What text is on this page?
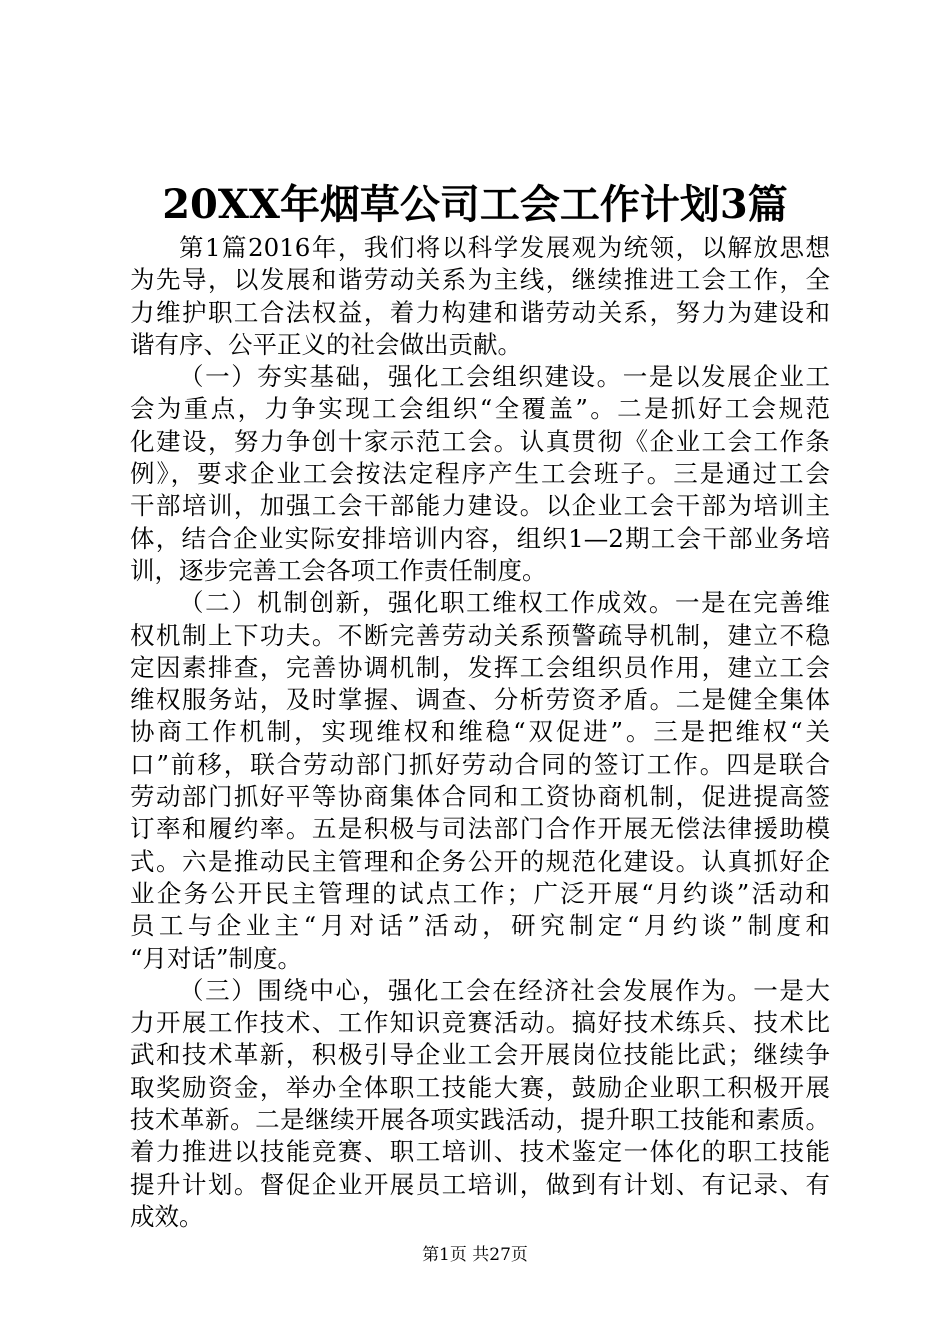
20XX年烟草公司工会工作计划3篇
第1篇2016年，我们将以科学发展观为统领，以解放思想
为先导，以发展和谐劳动关系为主线，继续推进工会工作，全
力维护职工合法权益，着力构建和谐劳动关系，努力为建设和
谐有序、公平正义的社会做出贡献。
（一）夯实基础，强化工会组织建设。一是以发展企业工
会为重点，力争实现工会组织“全覆盖”。二是抓好工会规范
化建设，努力争创十家示范工会。认真贯彻《企业工会工作条
例》，要求企业工会按法定程序产生工会班子。三是通过工会
干部培训，加强工会干部能力建设。以企业工会干部为培训主
体，结合企业实际安排培训内容，组织1—2期工会干部业务培
训，逐步完善工会各项工作责任制度。
（二）机制创新，强化职工维权工作成效。一是在完善维
权机制上下功夫。不断完善劳动关系预警疏导机制，建立不稳
定因素排查，完善协调机制，发挥工会组织员作用，建立工会
维权服务站，及时掌握、调查、分析劳资矛盾。二是健全集体
协商工作机制，实现维权和维稳“双促进”。三是把维权“关
口”前移，联合劳动部门抓好劳动合同的签订工作。四是联合
劳动部门抓好平等协商集体合同和工资协商机制，促进提高签
订率和履约率。五是积极与司法部门合作开展无偿法律援助模
式。六是推动民主管理和企务公开的规范化建设。认真抓好企
业企务公开民主管理的试点工作；广泛开展“月约谈”活动和
员工与企业主“月对话”活动，研究制定“月约谈”制度和
“月对话”制度。
（三）围绕中心，强化工会在经济社会发展作为。一是大
力开展工作技术、工作知识竞赛活动。搞好技术练兵、技术比
武和技术革新，积极引导企业工会开展岗位技能比武；继续争
取奖励资金，举办全体职工技能大赛，鼓励企业职工积极开展
技术革新。二是继续开展各项实践活动，提升职工技能和素质。
着力推进以技能竞赛、职工培训、技术鉴定一体化的职工技能
提升计划。督促企业开展员工培训，做到有计划、有记录、有
成效。
第1页 共27页
